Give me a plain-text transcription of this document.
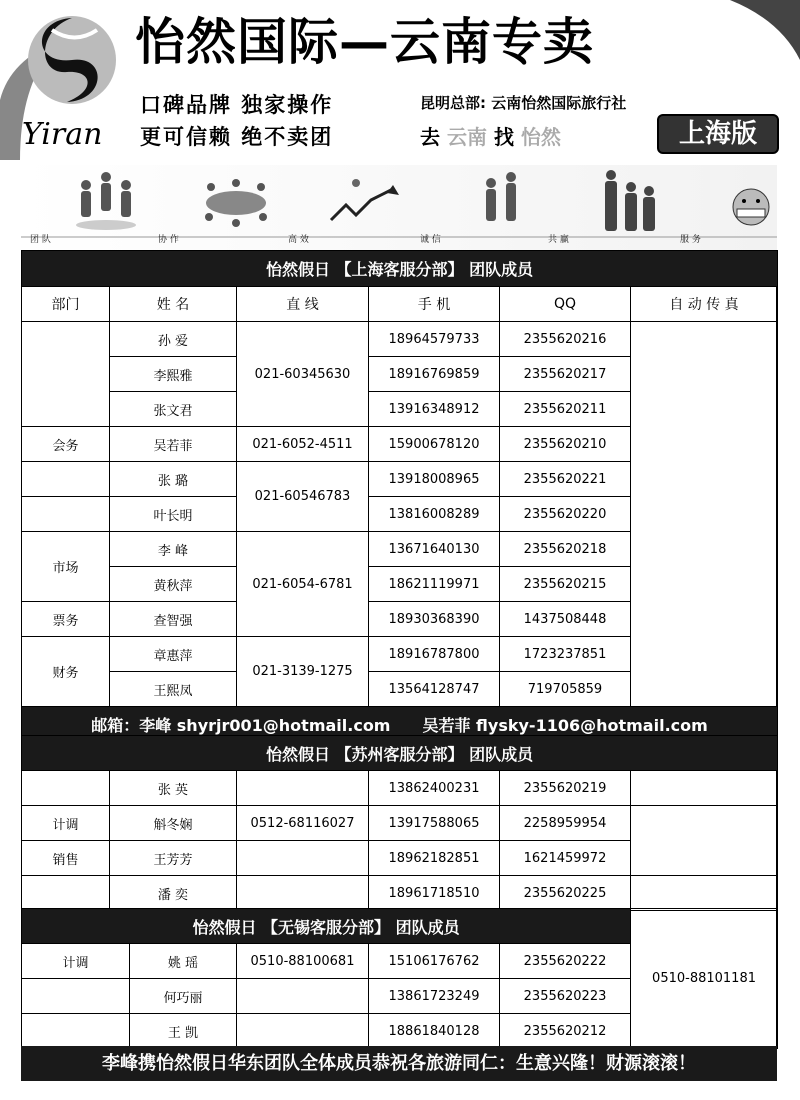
Yiran
怡然国际—云南专卖
口碑品牌 独家操作
更可信赖 绝不卖团
昆明总部: 云南怡然国际旅行社
去 云南 找 怡然	上海版
团 队	协 作	高 效	诚 信	共 赢	服 务
怡然假日 【上海客服分部】 团队成员					
部门	姓 名	直 线	手 机	QQ	自 动 传 真
	孙 爱	021-60345630	18964579733	2355620216	
	李熙雅		18916769859	2355620217	
	张文君		13916348912	2355620211	
会务	吴若菲	021-6052-4511	15900678120	2355620210	
	张 璐	021-60546783	13918008965	2355620221	
	叶长明		13816008289	2355620220	
市场	李 峰	021-6054-6781	13671640130	2355620218	
	黄秋萍		18621119971	2355620215	
票务	查智强		18930368390	1437508448	
财务	章惠萍	021-3139-1275	18916787800	1723237851	
	王熙凤		13564128747	719705859	
邮箱：李峰 shyrjr001@hotmail.com　　吴若菲 flysky-1106@hotmail.com					
怡然假日 【苏州客服分部】 团队成员					
	张 英		13862400231	2355620219	
计调	斛冬娴	0512-68116027	13917588065	2258959954	
销售	王芳芳		18962182851	1621459972	
	潘 奕		18961718510	2355620225	
怡然假日 【无锡客服分部】 团队成员					0510-88101181
计调	姚 瑶	0510-88100681	15106176762	2355620222	
	何巧丽		13861723249	2355620223	
	王 凯		18861840128	2355620212	
李峰携怡然假日华东团队全体成员恭祝各旅游同仁：生意兴隆！财源滚滚！
